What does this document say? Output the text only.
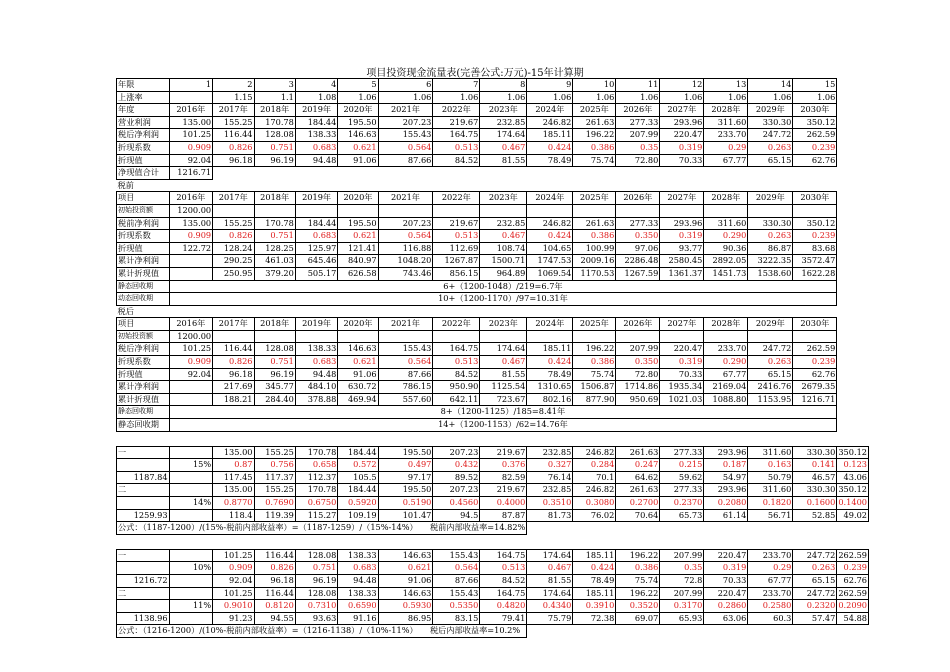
项目投资现金流量表(完善公式:万元)-15年计算期
年限	1	2	3	4	5	6	7	8	9	10	11	12	13	14	15	
上涨率		1.15	1.1	1.08	1.06	1.06	1.06	1.06	1.06	1.06	1.06	1.06	1.06	1.06	1.06	
年度	2016年	2017年	2018年	2019年	2020年	2021年	2022年	2023年	2024年	2025年	2026年	2027年	2028年	2029年	2030年	
营业利润	135.00	155.25	170.78	184.44	195.50	207.23	219.67	232.85	246.82	261.63	277.33	293.96	311.60	330.30	350.12	
税后净利润	101.25	116.44	128.08	138.33	146.63	155.43	164.75	174.64	185.11	196.22	207.99	220.47	233.70	247.72	262.59	
折现系数	0.909	0.826	0.751	0.683	0.621	0.564	0.513	0.467	0.424	0.386	0.35	0.319	0.29	0.263	0.239	
折现值	92.04	96.18	96.19	94.48	91.06	87.66	84.52	81.55	78.49	75.74	72.80	70.33	67.77	65.15	62.76	
净现值合计	1216.71															
税前																
项目	2016年	2017年	2018年	2019年	2020年	2021年	2022年	2023年	2024年	2025年	2026年	2027年	2028年	2029年	2030年	
初始投资额	1200.00															
税前净利润	135.00	155.25	170.78	184.44	195.50	207.23	219.67	232.85	246.82	261.63	277.33	293.96	311.60	330.30	350.12	
折现系数	0.909	0.826	0.751	0.683	0.621	0.564	0.513	0.467	0.424	0.386	0.350	0.319	0.290	0.263	0.239	
折现值	122.72	128.24	128.25	125.97	121.41	116.88	112.69	108.74	104.65	100.99	97.06	93.77	90.36	86.87	83.68	
累计净利润		290.25	461.03	645.46	840.97	1048.20	1267.87	1500.71	1747.53	2009.16	2286.48	2580.45	2892.05	3222.35	3572.47	
累计折现值		250.95	379.20	505.17	626.58	743.46	856.15	964.89	1069.54	1170.53	1267.59	1361.37	1451.73	1538.60	1622.28	
静态回收期	6+（1200-1048）/219=6.7年															
动态回收期	10+（1200-1170）/97=10.31年															
税后																
项目	2016年	2017年	2018年	2019年	2020年	2021年	2022年	2023年	2024年	2025年	2026年	2027年	2028年	2029年	2030年	
初始投资额	1200.00															
税后净利润	101.25	116.44	128.08	138.33	146.63	155.43	164.75	174.64	185.11	196.22	207.99	220.47	233.70	247.72	262.59	
折现系数	0.909	0.826	0.751	0.683	0.621	0.564	0.513	0.467	0.424	0.386	0.350	0.319	0.290	0.263	0.239	
折现值	92.04	96.18	96.19	94.48	91.06	87.66	84.52	81.55	78.49	75.74	72.80	70.33	67.77	65.15	62.76	
累计净利润		217.69	345.77	484.10	630.72	786.15	950.90	1125.54	1310.65	1506.87	1714.86	1935.34	2169.04	2416.76	2679.35	
累计折现值		188.21	284.40	378.88	469.94	557.60	642.11	723.67	802.16	877.90	950.69	1021.03	1088.80	1153.95	1216.71	
静态回收期	8+（1200-1125）/185=8.41年															
静态回收期	14+（1200-1153）/62=14.76年															

一		135.00	155.25	170.78	184.44	195.50	207.23	219.67	232.85	246.82	261.63	277.33	293.96	311.60	330.30	350.12
	15%	0.87	0.756	0.658	0.572	0.497	0.432	0.376	0.327	0.284	0.247	0.215	0.187	0.163	0.141	0.123
1187.84		117.45	117.37	112.37	105.5	97.17	89.52	82.59	76.14	70.1	64.62	59.62	54.97	50.79	46.57	43.06
二		135.00	155.25	170.78	184.44	195.50	207.23	219.67	232.85	246.82	261.63	277.33	293.96	311.60	330.30	350.12
	14%	0.8770	0.7690	0.6750	0.5920	0.5190	0.4560	0.4000	0.3510	0.3080	0.2700	0.2370	0.2080	0.1820	0.1600	0.1400
1259.93		118.4	119.39	115.27	109.19	101.47	94.5	87.87	81.73	76.02	70.64	65.73	61.14	56.71	52.85	49.02
公式：（1187-1200）/(15%-税前内部收益率）=（1187-1259）/（15%-14%）　　税前内部收益率=14.82%																

一		101.25	116.44	128.08	138.33	146.63	155.43	164.75	174.64	185.11	196.22	207.99	220.47	233.70	247.72	262.59
	10%	0.909	0.826	0.751	0.683	0.621	0.564	0.513	0.467	0.424	0.386	0.35	0.319	0.29	0.263	0.239
1216.72		92.04	96.18	96.19	94.48	91.06	87.66	84.52	81.55	78.49	75.74	72.8	70.33	67.77	65.15	62.76
二		101.25	116.44	128.08	138.33	146.63	155.43	164.75	174.64	185.11	196.22	207.99	220.47	233.70	247.72	262.59
	11%	0.9010	0.8120	0.7310	0.6590	0.5930	0.5350	0.4820	0.4340	0.3910	0.3520	0.3170	0.2860	0.2580	0.2320	0.2090
1138.96		91.23	94.55	93.63	91.16	86.95	83.15	79.41	75.79	72.38	69.07	65.93	63.06	60.3	57.47	54.88
公式：（1216-1200）/(10%-税前内部收益率）=（1216-1138）/（10%-11%）　　税后内部收益率=10.2%																
